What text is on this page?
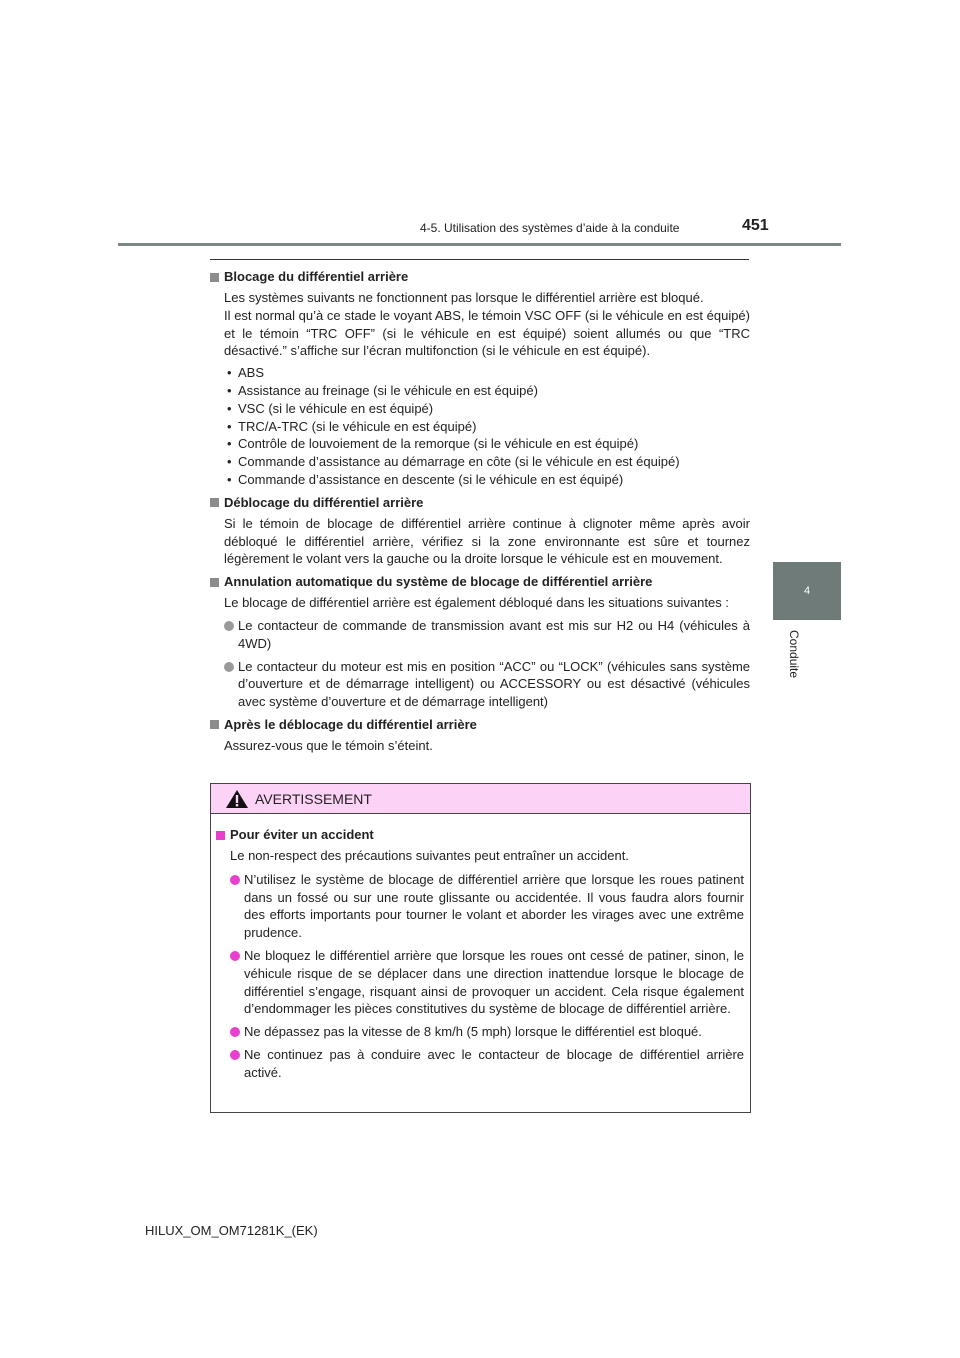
4-5. Utilisation des systèmes d’aide à la conduite	451
4
Conduite
Blocage du différentiel arrière
Les systèmes suivants ne fonctionnent pas lorsque le différentiel arrière est bloqué.
Il est normal qu’à ce stade le voyant ABS, le témoin VSC OFF (si le véhicule en est équipé) et le témoin “TRC OFF” (si le véhicule en est équipé) soient allumés ou que “TRC désactivé.” s’affiche sur l’écran multifonction (si le véhicule en est équipé).
• ABS
• Assistance au freinage (si le véhicule en est équipé)
• VSC (si le véhicule en est équipé)
• TRC/A-TRC (si le véhicule en est équipé)
• Contrôle de louvoiement de la remorque (si le véhicule en est équipé)
• Commande d’assistance au démarrage en côte (si le véhicule en est équipé)
• Commande d’assistance en descente (si le véhicule en est équipé)
Déblocage du différentiel arrière
Si le témoin de blocage de différentiel arrière continue à clignoter même après avoir débloqué le différentiel arrière, vérifiez si la zone environnante est sûre et tournez légèrement le volant vers la gauche ou la droite lorsque le véhicule est en mouvement.
Annulation automatique du système de blocage de différentiel arrière
Le blocage de différentiel arrière est également débloqué dans les situations suivantes :
Le contacteur de commande de transmission avant est mis sur H2 ou H4 (véhicules à 4WD)
Le contacteur du moteur est mis en position “ACC” ou “LOCK” (véhicules sans système d’ouverture et de démarrage intelligent) ou ACCESSORY ou est désactivé (véhicules avec système d’ouverture et de démarrage intelligent)
Après le déblocage du différentiel arrière
Assurez-vous que le témoin s’éteint.
AVERTISSEMENT
Pour éviter un accident
Le non-respect des précautions suivantes peut entraîner un accident.
N’utilisez le système de blocage de différentiel arrière que lorsque les roues patinent dans un fossé ou sur une route glissante ou accidentée. Il vous faudra alors fournir des efforts importants pour tourner le volant et aborder les virages avec une extrême prudence.
Ne bloquez le différentiel arrière que lorsque les roues ont cessé de patiner, sinon, le véhicule risque de se déplacer dans une direction inattendue lorsque le blocage de différentiel s’engage, risquant ainsi de provoquer un accident. Cela risque également d’endommager les pièces constitutives du système de blocage de différentiel arrière.
Ne dépassez pas la vitesse de 8 km/h (5 mph) lorsque le différentiel est bloqué.
Ne continuez pas à conduire avec le contacteur de blocage de différentiel arrière activé.
HILUX_OM_OM71281K_(EK)
